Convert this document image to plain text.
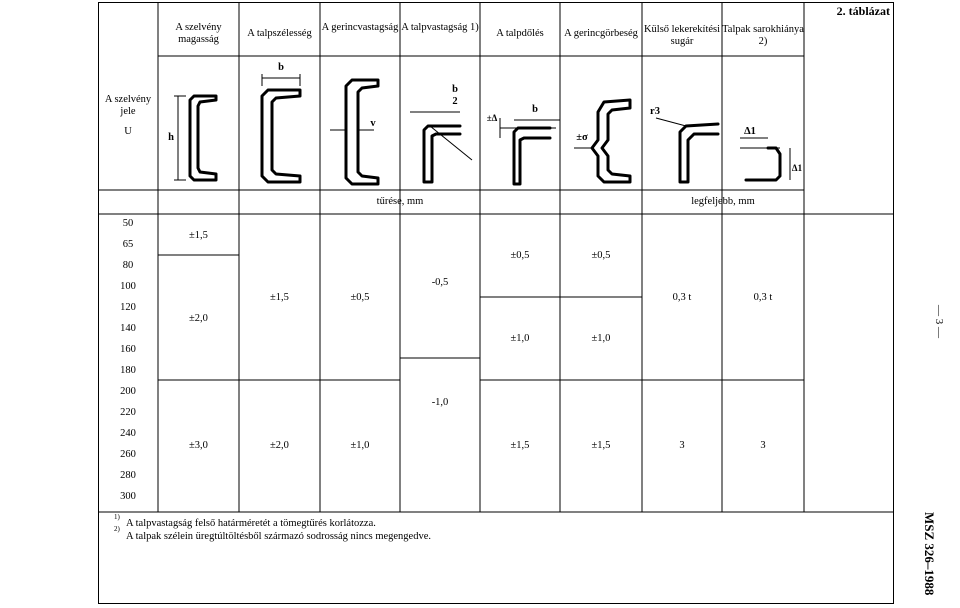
2. táblázat
A szelvény magasság
A talpszélesség
A gerincvastagság A talpvastagság 1)
A talpdőlés	A gerincgörbeség Külső lekerekítési sugár
Talpak sarokhiánya 2)
A szelvény
jele
U
h
b
v
b
2
±Δ
b
±σ
r3
Δ1
Δ1
tűrése, mm	legfeljebb, mm
50
65
80
100
120
140
160
180
200
220
240
260
280
300
±1,5
±2,0
±3,0
±1,5
±2,0
±0,5
±1,0
-0,5
-1,0
±0,5
±1,0
±1,5
±0,5
±1,0
±1,5
0,3 t
3
0,3 t
3
1)
A talpvastagság felső határméretét a tömegtűrés korlátozza.
2)
A talpak szélein üregtúltöltésből származó sodrosság nincs megengedve.
— 3 —
MSZ 326–1988
